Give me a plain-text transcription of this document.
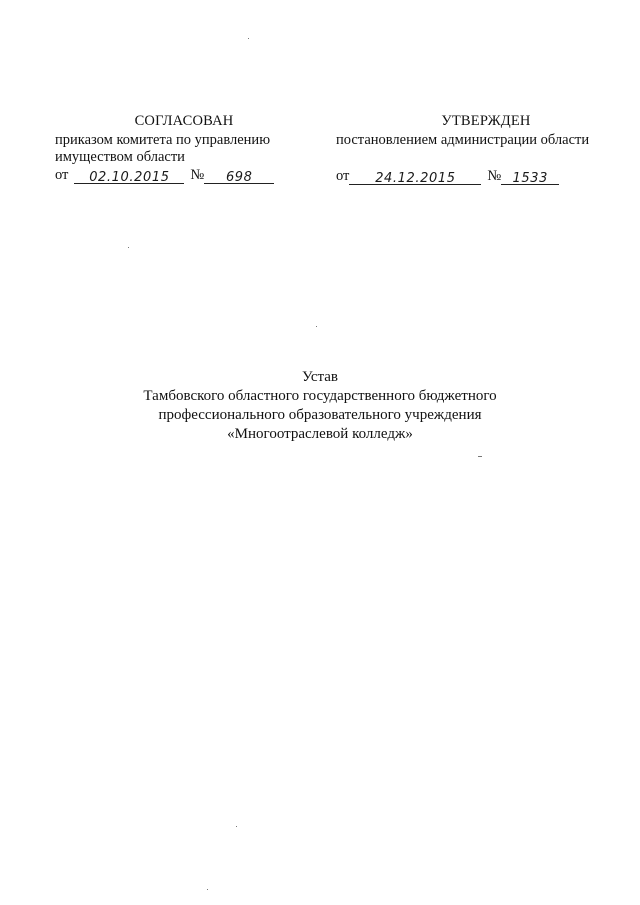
СОГЛАСОВАН
приказом комитета по управлению
имуществом области
от	02.10.2015	№	698
УТВЕРЖДЕН
постановлением администрации области
от	24.12.2015	№ 1533
Устав
Тамбовского областного государственного бюджетного
профессионального образовательного учреждения
«Многоотраслевой колледж»
